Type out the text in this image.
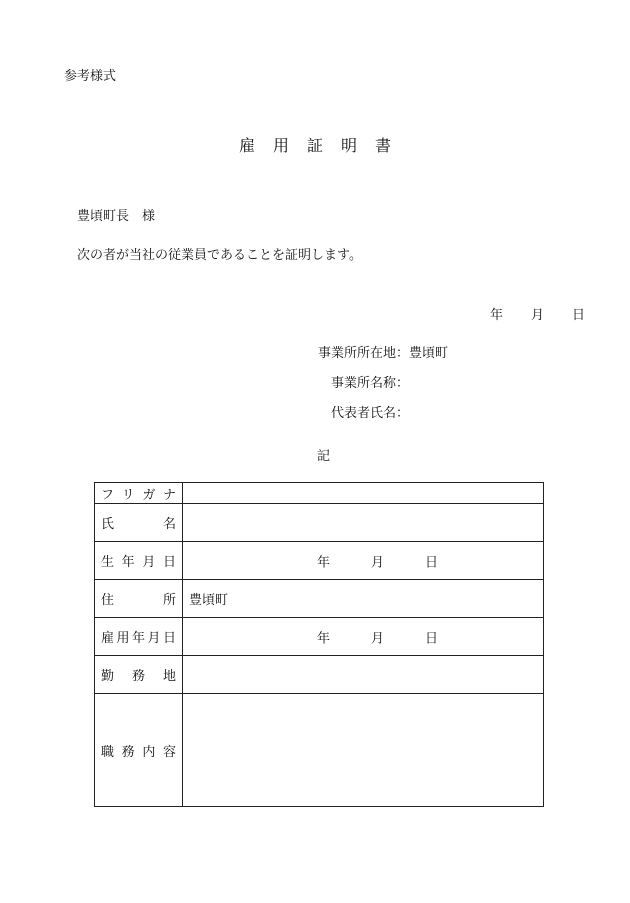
参考様式
雇用証明書
豊頃町長　様
次の者が当社の従業員であることを証明します。
年 月 日
事業所所在地：豊頃町
事業所名称：
代表者氏名：
記
フ リ ガ ナ	

氏 名	

生 年 月 日	年 月 日

住 所	豊頃町

雇 用 年 月 日	年 月 日

勤 務 地	

職 務 内 容	
